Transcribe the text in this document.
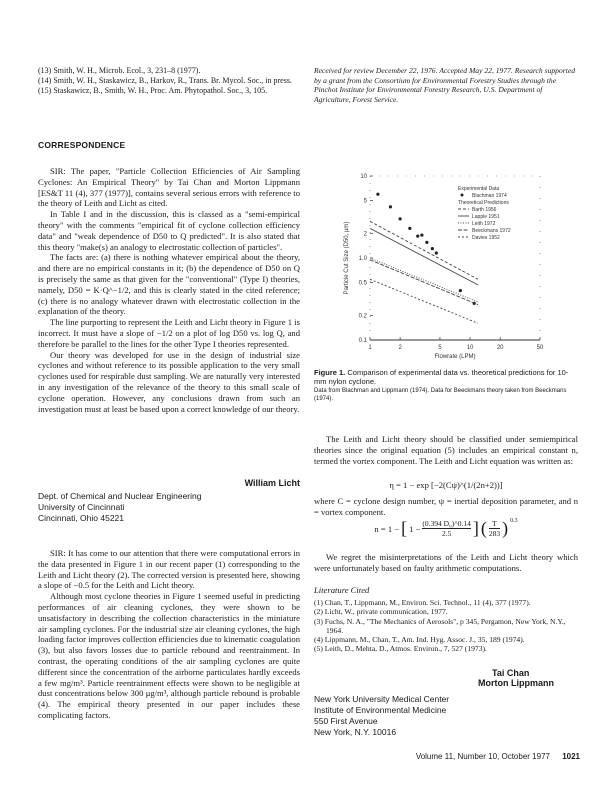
(13) Smith, W. H., Microb. Ecol., 3, 231–8 (1977).
(14) Smith, W. H., Staskawicz, B., Harkov, R., Trans. Br. Mycol. Soc., in press.
(15) Staskawicz, B., Smith, W. H., Proc. Am. Phytopathol. Soc., 3, 105.
Received for review December 22, 1976. Accepted May 22, 1977. Research supported by a grant from the Consortium for Environmental Forestry Studies through the Pinchot Institute for Environmental Forestry Research, U.S. Department of Agriculture, Forest Service.
CORRESPONDENCE

SIR: The paper, "Particle Collection Efficiencies of Air Sampling Cyclones: An Empirical Theory" by Tai Chan and Morton Lippmann [ES&T 11 (4), 377 (1977)], contains several serious errors with reference to the theory of Leith and Licht as cited.

In Table I and in the discussion, this is classed as a "semi-empirical theory" with the comments "empirical fit of cyclone collection efficiency data" and "weak dependence of D50 to Q predicted". It is also stated that this theory "make(s) an analogy to electrostatic collection of particles".

The facts are: (a) there is nothing whatever empirical about the theory, and there are no empirical constants in it; (b) the dependence of D50 on Q is precisely the same as that given for the "conventional" (Type I) theories, namely, D50 = K·Q^−1/2, and this is clearly stated in the cited reference; (c) there is no analogy whatever drawn with electrostatic collection in the explanation of the theory.

The line purporting to represent the Leith and Licht theory in Figure 1 is incorrect. It must have a slope of −1/2 on a plot of log D50 vs. log Q, and therefore be parallel to the lines for the other Type I theories represented.

Our theory was developed for use in the design of industrial size cyclones and without reference to its possible application to the very small cyclones used for respirable dust sampling. We are naturally very interested in any investigation of the relevance of the theory to this small scale of cyclone operation. However, any conclusions drawn from such an investigation must at least be based upon a correct knowledge of our theory.

William Licht
Dept. of Chemical and Nuclear Engineering
University of Cincinnati
Cincinnati, Ohio 45221

SIR: It has come to our attention that there were computational errors in the data presented in Figure 1 in our recent paper (1) corresponding to the Leith and Licht theory (2). The corrected version is presented here, showing a slope of −0.5 for the Leith and Licht theory.

Although most cyclone theories in Figure 1 seemed useful in predicting performances of air cleaning cyclones, they were shown to be unsatisfactory in describing the collection characteristics in the miniature air sampling cyclones. For the industrial size air cleaning cyclones, the high loading factor improves collection efficiencies due to kinematic coagulation (3), but also favors losses due to particle rebound and reentrainment. In contrast, the operating conditions of the air sampling cyclones are quite different since the concentration of the airborne particulates hardly exceeds a few mg/m³. Particle reentrainment effects were shown to be negligible at dust concentrations below 300 μg/m³, although particle rebound is probable (4). The empirical theory presented in our paper includes these complicating factors.

1	2	5	10	20	50
0.1
0.2
0.5
1.0
2
5
10
Flowrate (LPM)
Particle Cut Size (D50, μm)
Experimental Data
Blachman 1974
Theoretical Predictions
Barth 1956
Lapple 1951
Leith 1972
Beeckmans 1972
Davies 1952
Figure 1. Comparison of experimental data vs. theoretical predictions for 10-mm nylon cyclone.
Data from Blachman and Lippmann (1974). Data for Beeckmans theory taken from Beeckmans (1974).

The Leith and Licht theory should be classified under semiempirical theories since the original equation (5) includes an empirical constant n, termed the vortex component. The Leith and Licht equation was written as:

η = 1 − exp [−2(Cψ)^(1/(2n+2))]

where C = cyclone design number, ψ = inertial deposition parameter, and n = vortex component.

n = 1 − [ $1 - \frac{\text{(0.394 D₀)\textasciicircum{}0.14}}{2.5}$ ] ( $\frac{T}{283}$ ) $^{0.3}$

We regret the misinterpretations of the Leith and Licht theory which were unfortunately based on faulty arithmetic computations.

Literature Cited
(1) Chan, T., Lippmann, M., Environ. Sci. Technol., 11 (4), 377 (1977).
(2) Licht, W., private communication, 1977.
(3) Fuchs, N. A., "The Mechanics of Aerosols", p 345, Pergamon, New York, N.Y., 1964.
(4) Lippmann, M., Chan, T., Am. Ind. Hyg. Assoc. J., 35, 189 (1974).
(5) Leith, D., Mehta, D., Atmos. Environ., 7, 527 (1973).
Tai Chan
Morton Lippmann
New York University Medical Center
Institute of Environmental Medicine
550 First Avenue
New York, N.Y. 10016
Volume 11, Number 10, October 1977 1021
